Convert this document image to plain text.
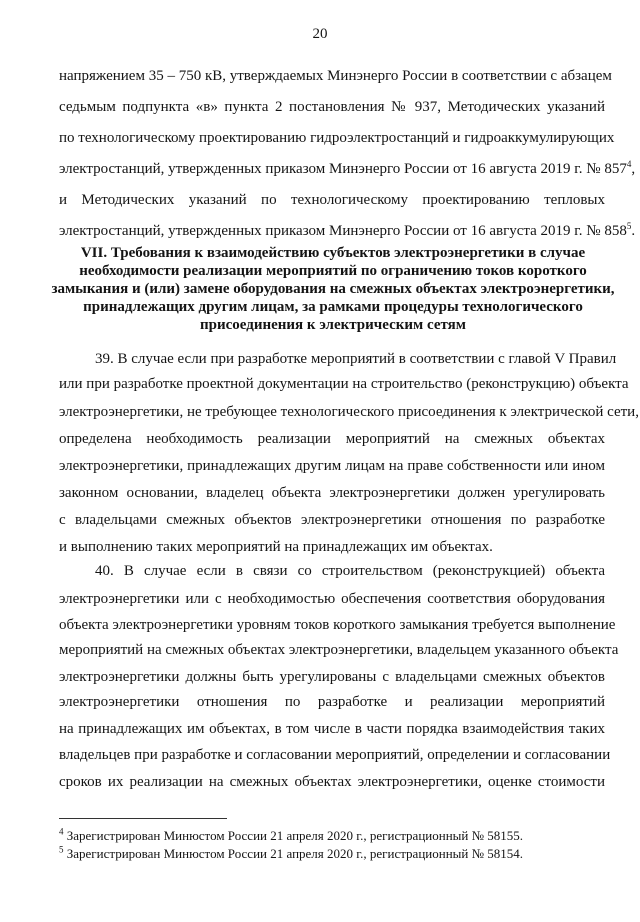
20
напряжением 35 – 750 кВ, утверждаемых Минэнерго России в соответствии с абзацем
седьмым подпункта «в» пункта 2 постановления № 937, Методических указаний
по технологическому проектированию гидроэлектростанций и гидроаккумулирующих
электростанций, утвержденных приказом Минэнерго России от 16 августа 2019 г. № $857^4$,
и Методических указаний по технологическому проектированию тепловых
электростанций, утвержденных приказом Минэнерго России от 16 августа 2019 г. № $858^5$.
VII. Требования к взаимодействию субъектов электроэнергетики в случае
необходимости реализации мероприятий по ограничению токов короткого
замыкания и (или) замене оборудования на смежных объектах электроэнергетики,
принадлежащих другим лицам, за рамками процедуры технологического
присоединения к электрическим сетям
39. В случае если при разработке мероприятий в соответствии с главой V Правил
или при разработке проектной документации на строительство (реконструкцию) объекта
электроэнергетики, не требующее технологического присоединения к электрической сети,
определена необходимость реализации мероприятий на смежных объектах
электроэнергетики, принадлежащих другим лицам на праве собственности или ином
законном основании, владелец объекта электроэнергетики должен урегулировать
с владельцами смежных объектов электроэнергетики отношения по разработке
и выполнению таких мероприятий на принадлежащих им объектах.
40. В случае если в связи со строительством (реконструкцией) объекта
электроэнергетики или с необходимостью обеспечения соответствия оборудования
объекта электроэнергетики уровням токов короткого замыкания требуется выполнение
мероприятий на смежных объектах электроэнергетики, владельцем указанного объекта
электроэнергетики должны быть урегулированы с владельцами смежных объектов
электроэнергетики отношения по разработке и реализации мероприятий
на принадлежащих им объектах, в том числе в части порядка взаимодействия таких
владельцев при разработке и согласовании мероприятий, определении и согласовании
сроков их реализации на смежных объектах электроэнергетики, оценке стоимости
$^4$ Зарегистрирован Минюстом России 21 апреля 2020 г., регистрационный № 58155.
$^5$ Зарегистрирован Минюстом России 21 апреля 2020 г., регистрационный № 58154.
